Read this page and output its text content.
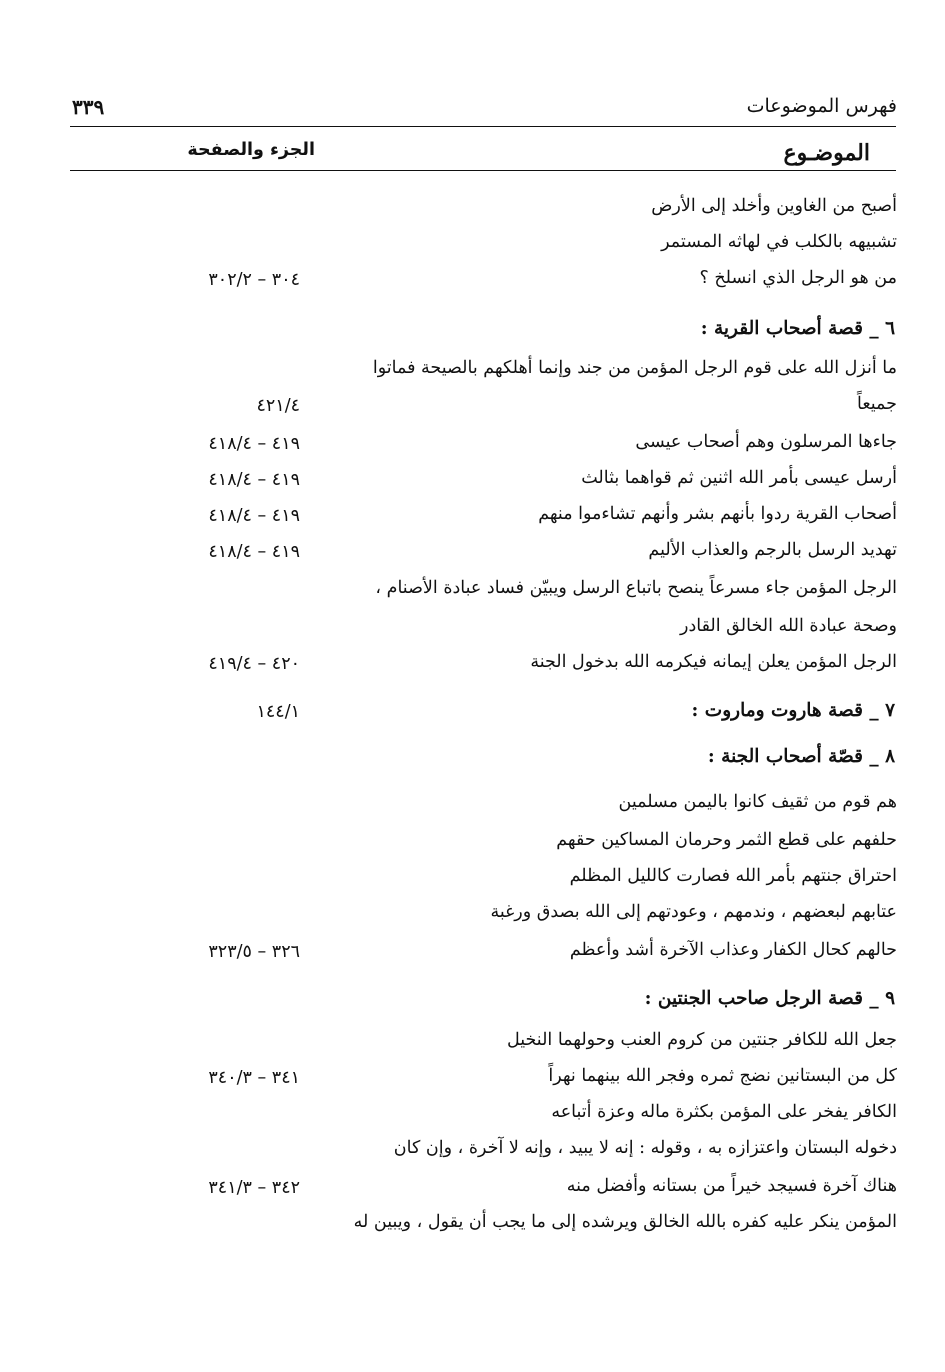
فهرس الموضوعات
٣٣٩
الموضـوع
الجزء والصفحة
أصبح من الغاوين وأخلد إلى الأرض
تشبيهه بالكلب في لهاثه المستمر
من هو الرجل الذي انسلخ ؟
٣٠٤ – ٣٠٢/٢
٦ _ قصة أصحاب القرية :
ما أنزل الله على قوم الرجل المؤمن من جند وإنما أهلكهم بالصيحة فماتوا
جميعاً
٤٢١/٤
جاءها المرسلون وهم أصحاب عيسى
٤١٩ – ٤١٨/٤
أرسل عيسى بأمر الله اثنين ثم قواهما بثالث
٤١٩ – ٤١٨/٤
أصحاب القرية ردوا بأنهم بشر وأنهم تشاءموا منهم
٤١٩ – ٤١٨/٤
تهديد الرسل بالرجم والعذاب الأليم
٤١٩ – ٤١٨/٤
الرجل المؤمن جاء مسرعاً ينصح باتباع الرسل ويبيّن فساد عبادة الأصنام ،
وصحة عبادة الله الخالق القادر
الرجل المؤمن يعلن إيمانه فيكرمه الله بدخول الجنة
٤٢٠ – ٤١٩/٤
٧ _ قصة هاروت وماروت :
١٤٤/١
٨ _ قصّة أصحاب الجنة :
هم قوم من ثقيف كانوا باليمن مسلمين
حلفهم على قطع الثمر وحرمان المساكين حقهم
احتراق جنتهم بأمر الله فصارت كالليل المظلم
عتابهم لبعضهم ، وندمهم ، وعودتهم إلى الله بصدق ورغبة
حالهم كحال الكفار وعذاب الآخرة أشد وأعظم
٣٢٦ – ٣٢٣/٥
٩ _ قصة الرجل صاحب الجنتين :
جعل الله للكافر جنتين من كروم العنب وحولهما النخيل
كل من البستانين نضج ثمره وفجر الله بينهما نهراً
٣٤١ – ٣٤٠/٣
الكافر يفخر على المؤمن بكثرة ماله وعزة أتباعه
دخوله البستان واعتزازه به ، وقوله : إنه لا يبيد ، وإنه لا آخرة ، وإن كان
هناك آخرة فسيجد خيراً من بستانه وأفضل منه
٣٤٢ – ٣٤١/٣
المؤمن ينكر عليه كفره بالله الخالق ويرشده إلى ما يجب أن يقول ، ويبين له
